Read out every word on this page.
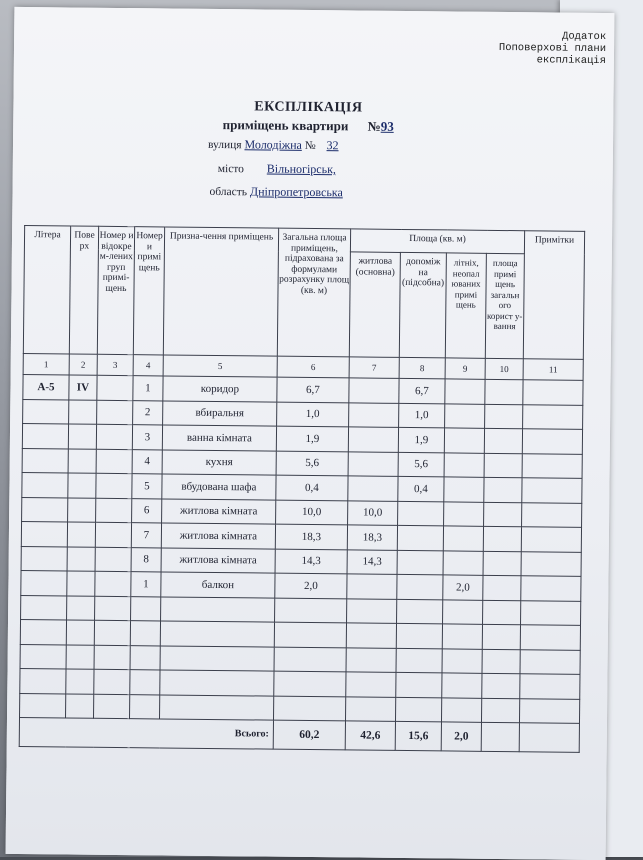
Додаток
Поповерхові плани
експлікація
ЕКСПЛІКАЦІЯ
приміщень квартири №93
вулиця Молодіжна № 32
місто Вільногірськ,
область Дніпропетровська
Літера	Пове рх	Номер и відокре м-лених груп примі-щень	Номер и примі щень	Призна-чення приміщень	Загальна площа приміщень, підрахована за формулами розрахунку площ (кв. м)	Площа (кв. м)				Примітки
						житлова (основна)	допоміж на (підсобна)	літніх, неопал юваних примі щень	площа примі щень загальн ого корист у-вання	
1	2	3	4	5	6	7	8	9	10	11
А-5	IV		1	коридор	6,7		6,7			
			2	вбиральня	1,0		1,0			
			3	ванна кімната	1,9		1,9			
			4	кухня	5,6		5,6			
			5	вбудована шафа	0,4		0,4			
			6	житлова кімната	10,0	10,0				
			7	житлова кімната	18,3	18,3				
			8	житлова кімната	14,3	14,3				
			1	балкон	2,0			2,0		

Всього:					60,2	42,6	15,6	2,0		
